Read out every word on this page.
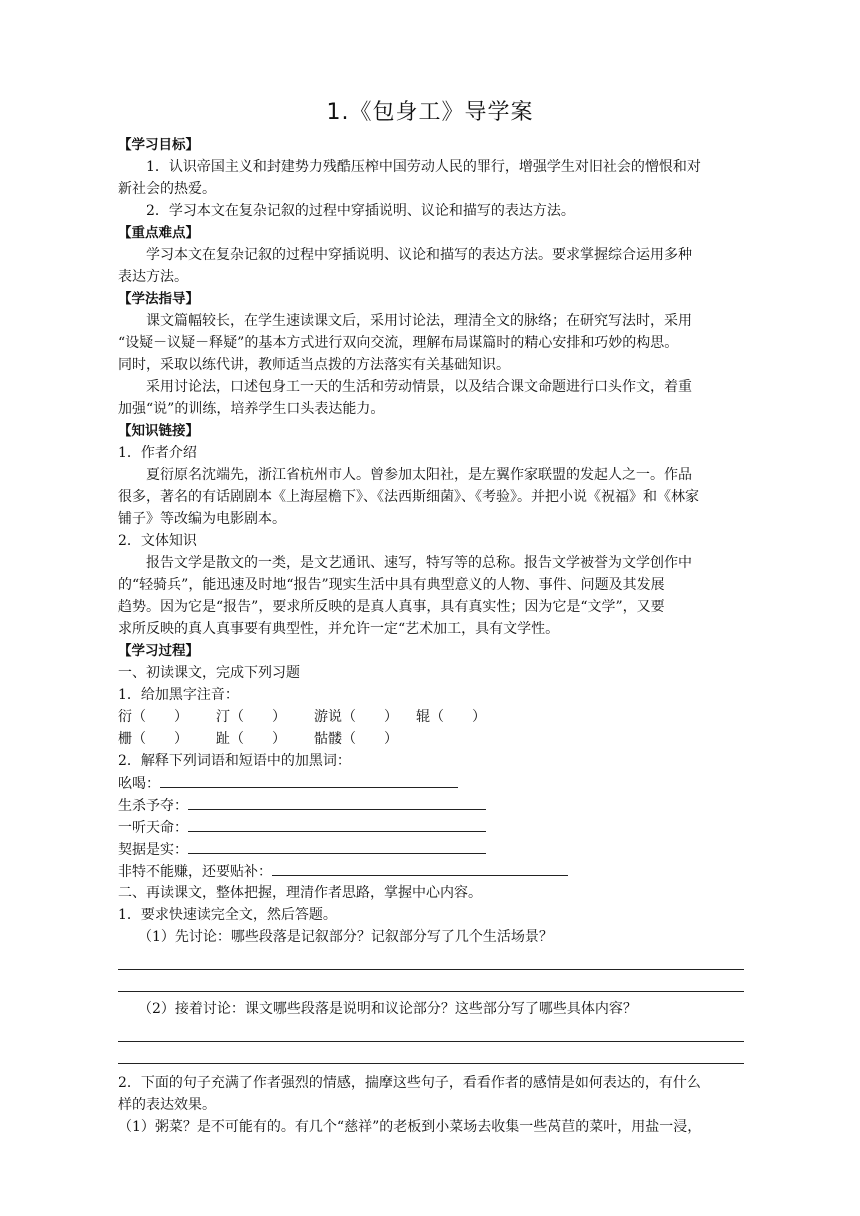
1.《包身工》导学案
【学习目标】
1．认识帝国主义和封建势力残酷压榨中国劳动人民的罪行，增强学生对旧社会的憎恨和对
新社会的热爱。
2．学习本文在复杂记叙的过程中穿插说明、议论和描写的表达方法。
【重点难点】
学习本文在复杂记叙的过程中穿插说明、议论和描写的表达方法。要求掌握综合运用多种
表达方法。
【学法指导】
课文篇幅较长，在学生速读课文后，采用讨论法，理清全文的脉络；在研究写法时，采用
“设疑－议疑－释疑”的基本方式进行双向交流，理解布局谋篇时的精心安排和巧妙的构思。
同时，采取以练代讲，教师适当点拨的方法落实有关基础知识。
采用讨论法，口述包身工一天的生活和劳动情景，以及结合课文命题进行口头作文，着重
加强“说”的训练，培养学生口头表达能力。
【知识链接】
1．作者介绍
夏衍原名沈端先，浙江省杭州市人。曾参加太阳社，是左翼作家联盟的发起人之一。作品
很多，著名的有话剧剧本《上海屋檐下》、《法西斯细菌》、《考验》。并把小说《祝福》和《林家
铺子》等改编为电影剧本。
2．文体知识
报告文学是散文的一类，是文艺通讯、速写，特写等的总称。报告文学被誉为文学创作中
的“轻骑兵”，能迅速及时地“报告”现实生活中具有典型意义的人物、事件、问题及其发展
趋势。因为它是“报告”，要求所反映的是真人真事，具有真实性；因为它是“文学”，又要
求所反映的真人真事要有典型性，并允许一定“艺术加工，具有文学性。
【学习过程】
一、初读课文，完成下列习题
1．给加黑字注音：
衍（　　）	汀（　　）	游说（　　）	辊（　　）
栅（　　）	趾（　　）	骷髅（　　）
2．解释下列词语和短语中的加黑词：
吆喝：
生杀予夺：
一听天命：
契据是实：
非特不能赚，还要贴补：
二、再读课文，整体把握，理清作者思路，掌握中心内容。
1．要求快速读完全文，然后答题。
（1）先讨论：哪些段落是记叙部分？记叙部分写了几个生活场景？
（2）接着讨论：课文哪些段落是说明和议论部分？这些部分写了哪些具体内容？
2．下面的句子充满了作者强烈的情感，揣摩这些句子，看看作者的感情是如何表达的，有什么
样的表达效果。
（1）粥菜？是不可能有的。有几个“慈祥”的老板到小菜场去收集一些莴苣的菜叶，用盐一浸，
